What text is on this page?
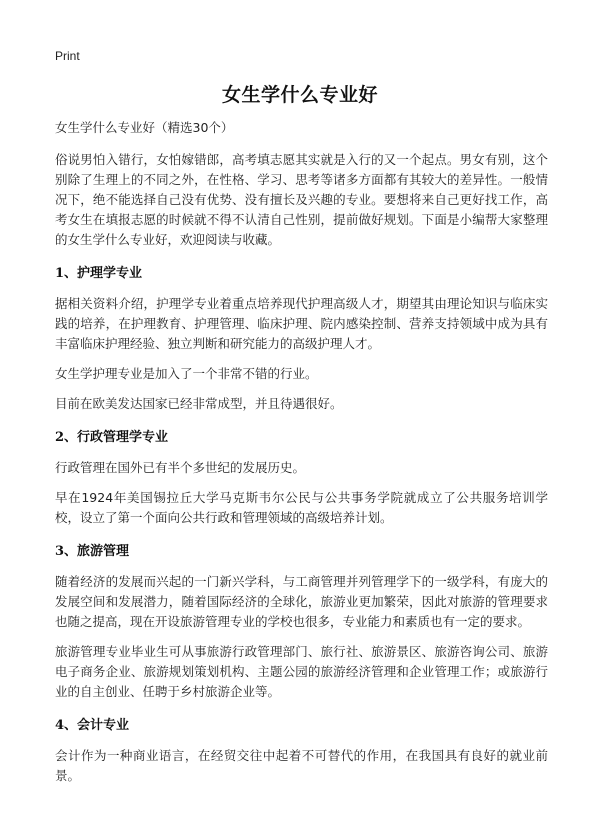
Print
女生学什么专业好

女生学什么专业好（精选30个）

俗说男怕入错行，女怕嫁错郎，高考填志愿其实就是入行的又一个起点。男女有别，这个别除了生理上的不同之外，在性格、学习、思考等诸多方面都有其较大的差异性。一般情况下，绝不能选择自己没有优势、没有擅长及兴趣的专业。要想将来自己更好找工作，高考女生在填报志愿的时候就不得不认清自己性别，提前做好规划。下面是小编帮大家整理的女生学什么专业好，欢迎阅读与收藏。

1、护理学专业

据相关资料介绍，护理学专业着重点培养现代护理高级人才，期望其由理论知识与临床实践的培养，在护理教育、护理管理、临床护理、院内感染控制、营养支持领域中成为具有丰富临床护理经验、独立判断和研究能力的高级护理人才。

女生学护理专业是加入了一个非常不错的行业。

目前在欧美发达国家已经非常成型，并且待遇很好。

2、行政管理学专业

行政管理在国外已有半个多世纪的发展历史。

早在1924年美国锡拉丘大学马克斯韦尔公民与公共事务学院就成立了公共服务培训学校，设立了第一个面向公共行政和管理领域的高级培养计划。

3、旅游管理

随着经济的发展而兴起的一门新兴学科，与工商管理并列管理学下的一级学科，有庞大的发展空间和发展潜力，随着国际经济的全球化，旅游业更加繁荣，因此对旅游的管理要求也随之提高，现在开设旅游管理专业的学校也很多，专业能力和素质也有一定的要求。

旅游管理专业毕业生可从事旅游行政管理部门、旅行社、旅游景区、旅游咨询公司、旅游电子商务企业、旅游规划策划机构、主题公园的旅游经济管理和企业管理工作；或旅游行业的自主创业、任聘于乡村旅游企业等。

4、会计专业

会计作为一种商业语言，在经贸交往中起着不可替代的作用，在我国具有良好的就业前景。
